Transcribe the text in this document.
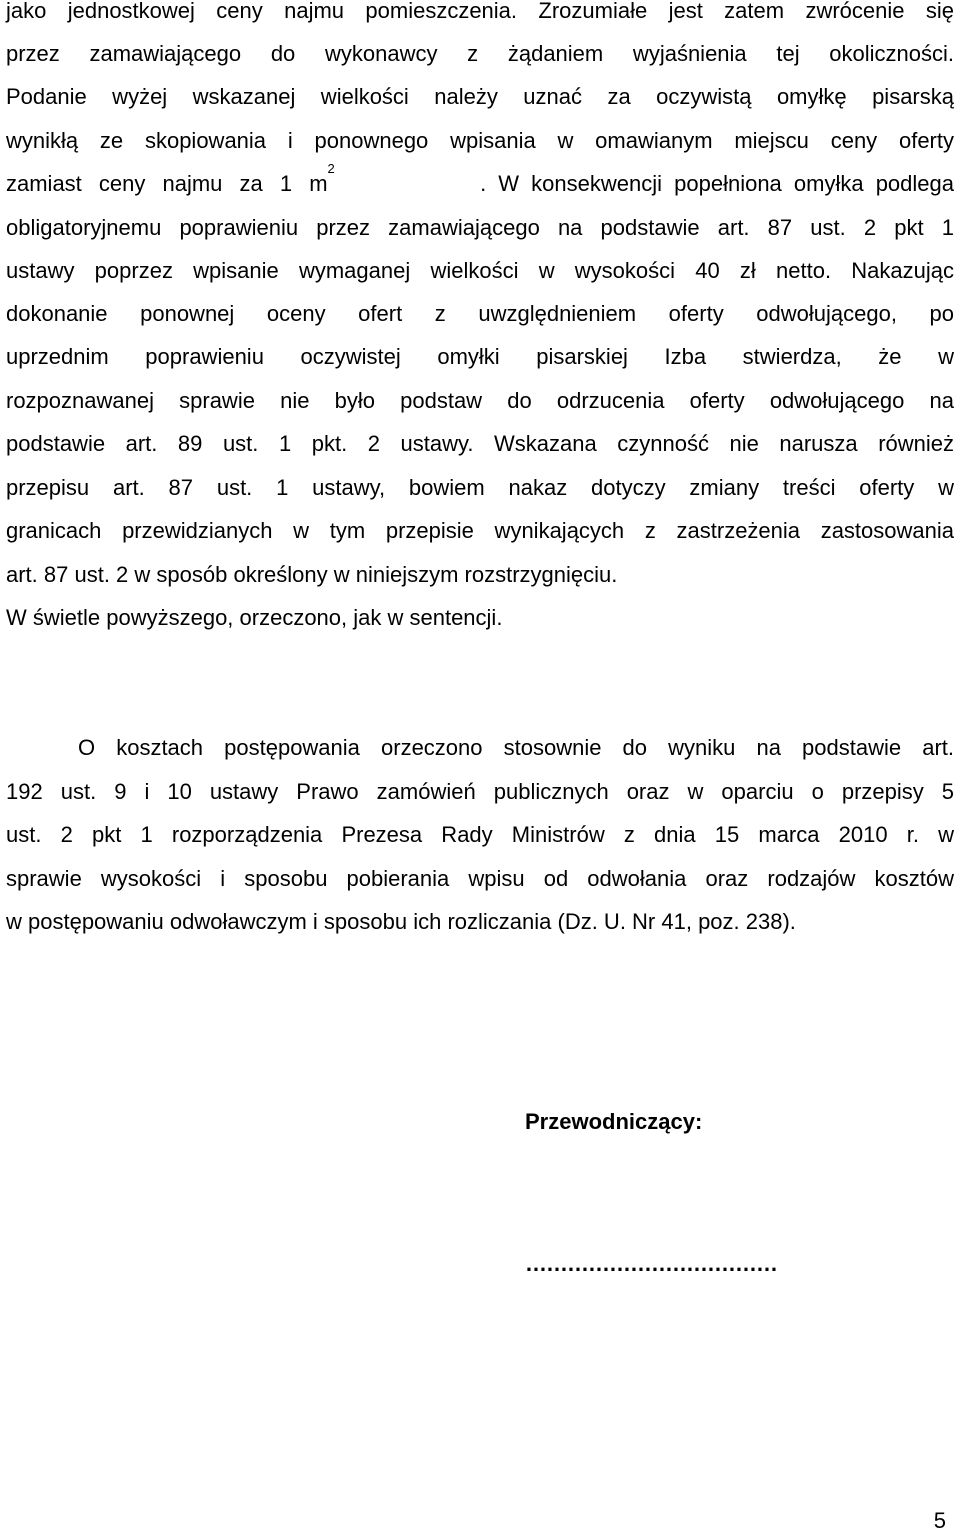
jako jednostkowej ceny najmu pomieszczenia. Zrozumiałe jest zatem zwrócenie się
przez zamawiającego do wykonawcy z żądaniem wyjaśnienia tej okoliczności.
Podanie wyżej wskazanej wielkości należy uznać za oczywistą omyłkę pisarską
wynikłą ze skopiowania i ponownego wpisania w omawianym miejscu ceny oferty
zamiast ceny najmu za 1 m
2
. W konsekwencji popełniona omyłka podlega
obligatoryjnemu poprawieniu przez zamawiającego na podstawie art. 87 ust. 2 pkt 1
ustawy poprzez wpisanie wymaganej wielkości w wysokości 40 zł netto. Nakazując
dokonanie ponownej oceny ofert z uwzględnieniem oferty odwołującego, po
uprzednim poprawieniu oczywistej omyłki pisarskiej Izba stwierdza, że w
rozpoznawanej sprawie nie było podstaw do odrzucenia oferty odwołującego na
podstawie art. 89 ust. 1 pkt. 2 ustawy. Wskazana czynność nie narusza również
przepisu art. 87 ust. 1 ustawy, bowiem nakaz dotyczy zmiany treści oferty w
granicach przewidzianych w tym przepisie wynikających z zastrzeżenia zastosowania
art. 87 ust. 2 w sposób określony w niniejszym rozstrzygnięciu.
W świetle powyższego, orzeczono, jak w sentencji.
O kosztach postępowania orzeczono stosownie do wyniku na podstawie art.
192 ust. 9 i 10 ustawy Prawo zamówień publicznych oraz w oparciu o przepisy 5
ust. 2 pkt 1 rozporządzenia Prezesa Rady Ministrów z dnia 15 marca 2010 r. w
sprawie wysokości i sposobu pobierania wpisu od odwołania oraz rodzajów kosztów
w postępowaniu odwoławczym i sposobu ich rozliczania (Dz. U. Nr 41, poz. 238).
Przewodniczący:
………………………………
5
